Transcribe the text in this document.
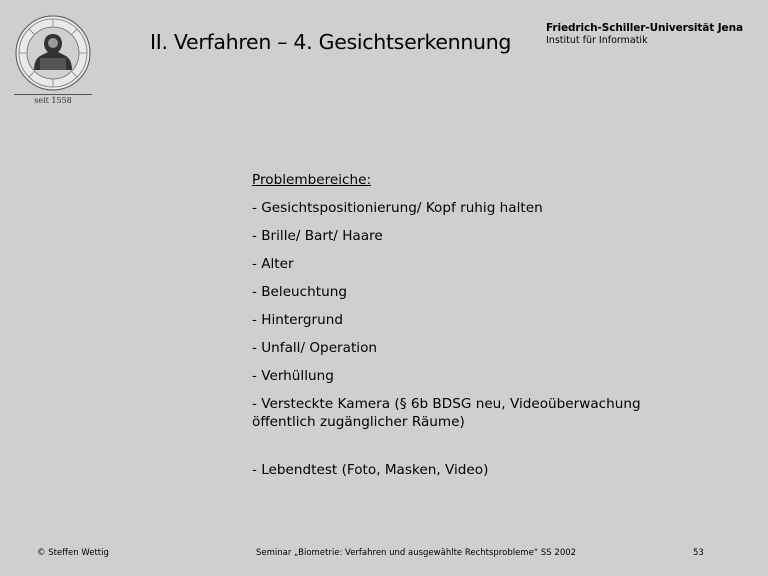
seit 1558
II. Verfahren – 4. Gesichtserkennung
Friedrich-Schiller-Universität Jena
Institut für Informatik
Problembereiche:
- Gesichtspositionierung/ Kopf ruhig halten
- Brille/ Bart/ Haare
- Alter
- Beleuchtung
- Hintergrund
- Unfall/ Operation
- Verhüllung
- Versteckte Kamera (§ 6b BDSG neu, Videoüberwachung öffentlich zugänglicher Räume)
- Lebendtest (Foto, Masken, Video)
© Steffen Wettig	Seminar „Biometrie: Verfahren und ausgewählte Rechtsprobleme“ SS 2002	53
